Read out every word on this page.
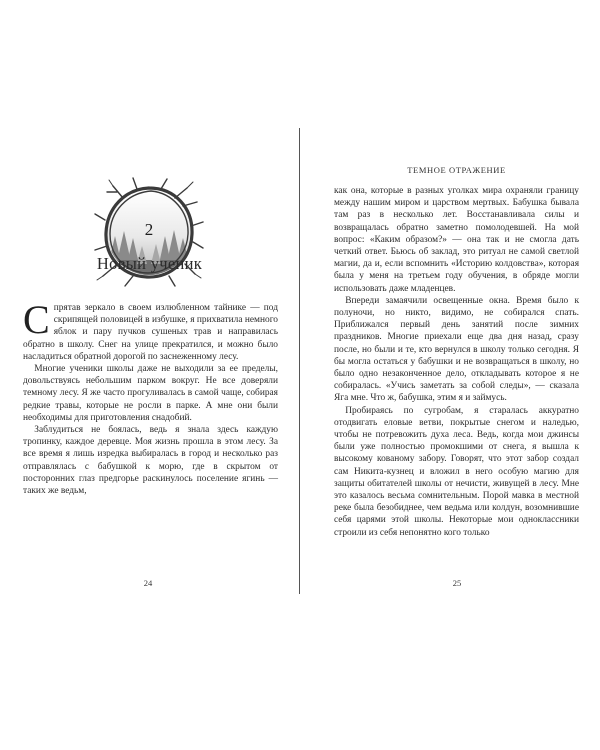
2
Новый ученик

Спрятав зеркало в своем излюбленном тайнике — под скрипящей половицей в избушке, я прихватила немного яблок и пару пучков сушеных трав и направилась обратно в школу. Снег на улице прекратился, и можно было насладиться обратной дорогой по заснеженному лесу.

Многие ученики школы даже не выходили за ее пределы, довольствуясь небольшим парком вокруг. Не все доверяли темному лесу. Я же часто прогуливалась в самой чаще, собирая редкие травы, которые не росли в парке. А мне они были необходимы для приготовления снадобий.

Заблудиться не боялась, ведь я знала здесь каждую тропинку, каждое деревце. Моя жизнь прошла в этом лесу. За все время я лишь изредка выбиралась в город и несколько раз отправлялась с бабушкой к морю, где в скрытом от посторонних глаз предгорье раскинулось поселение ягинь — таких же ведьм,

24
ТЕМНОЕ ОТРАЖЕНИЕ

как она, которые в разных уголках мира охраняли границу между нашим миром и царством мертвых. Бабушка бывала там раз в несколько лет. Восстанавливала силы и возвращалась обратно заметно помолодевшей. На мой вопрос: «Каким образом?» — она так и не смогла дать четкий ответ. Бьюсь об заклад, это ритуал не самой светлой магии, да и, если вспомнить «Историю колдовства», которая была у меня на третьем году обучения, в обряде могли использовать даже младенцев.

Впереди замаячили освещенные окна. Время было к полуночи, но никто, видимо, не собирался спать. Приближался первый день занятий после зимних праздников. Многие приехали еще два дня назад, сразу после, но были и те, кто вернулся в школу только сегодня. Я бы могла остаться у бабушки и не возвращаться в школу, но было одно незаконченное дело, откладывать которое я не собиралась. «Учись заметать за собой следы», — сказала Яга мне. Что ж, бабушка, этим я и займусь.

Пробираясь по сугробам, я старалась аккуратно отодвигать еловые ветви, покрытые снегом и наледью, чтобы не потревожить духа леса. Ведь, когда мои джинсы были уже полностью промокшими от снега, я вышла к высокому кованому забору. Говорят, что этот забор создал сам Никита-кузнец и вложил в него особую магию для защиты обитателей школы от нечисти, живущей в лесу. Мне это казалось весьма сомнительным. Порой мавка в местной реке была безобиднее, чем ведьма или колдун, возомнившие себя царями этой школы. Некоторые мои одноклассники строили из себя непонятно кого только

25
